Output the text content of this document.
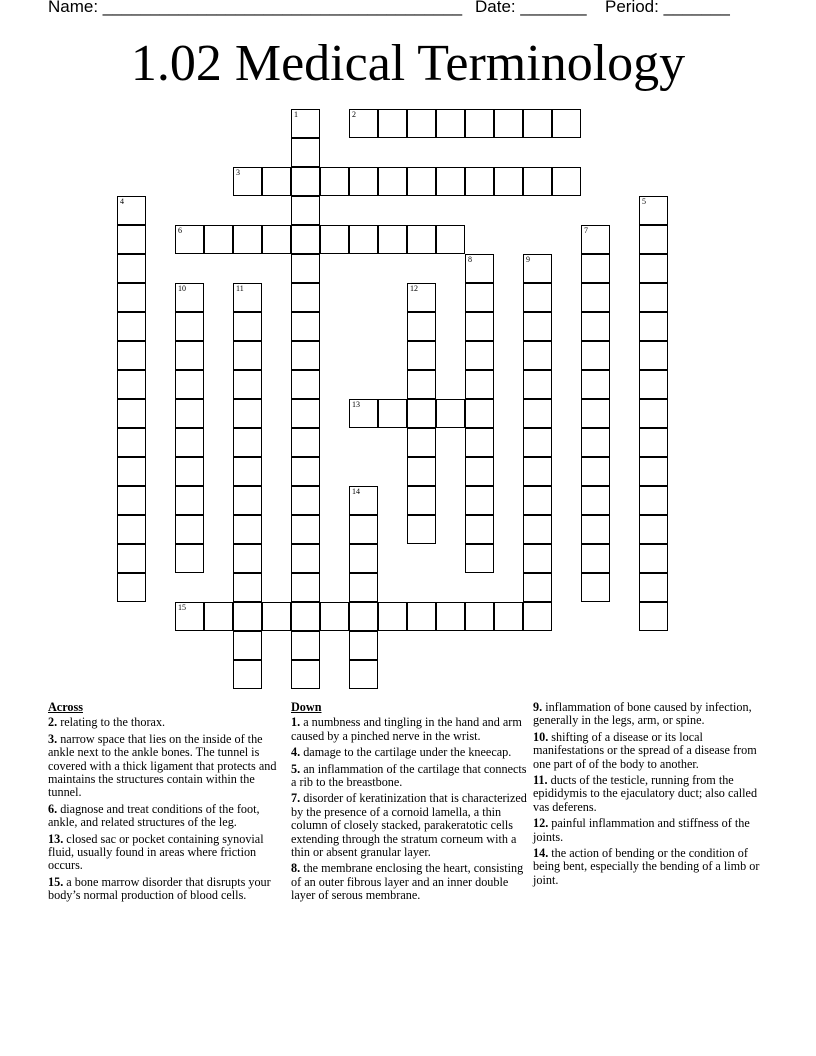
Name: ______________________________________ Date: _______ Period: _______
1.02 Medical Terminology
1	2
3
4	5
6	7
8	9
10	11	12
13
14
15
Across
2. relating to the thorax.
3. narrow space that lies on the inside of the ankle next to the ankle bones. The tunnel is covered with a thick ligament that protects and maintains the structures contain within the tunnel.
6. diagnose and treat conditions of the foot, ankle, and related structures of the leg.
13. closed sac or pocket containing synovial fluid, usually found in areas where friction occurs.
15. a bone marrow disorder that disrupts your body’s normal production of blood cells.
Down
1. a numbness and tingling in the hand and arm caused by a pinched nerve in the wrist.
4. damage to the cartilage under the kneecap.
5. an inflammation of the cartilage that connects a rib to the breastbone.
7. disorder of keratinization that is characterized by the presence of a cornoid lamella, a thin column of closely stacked, parakeratotic cells extending through the stratum corneum with a thin or absent granular layer.
8. the membrane enclosing the heart, consisting of an outer fibrous layer and an inner double layer of serous membrane.
9. inflammation of bone caused by infection, generally in the legs, arm, or spine.
10. shifting of a disease or its local manifestations or the spread of a disease from one part of of the body to another.
11. ducts of the testicle, running from the epididymis to the ejaculatory duct; also called vas deferens.
12. painful inflammation and stiffness of the joints.
14. the action of bending or the condition of being bent, especially the bending of a limb or joint.
